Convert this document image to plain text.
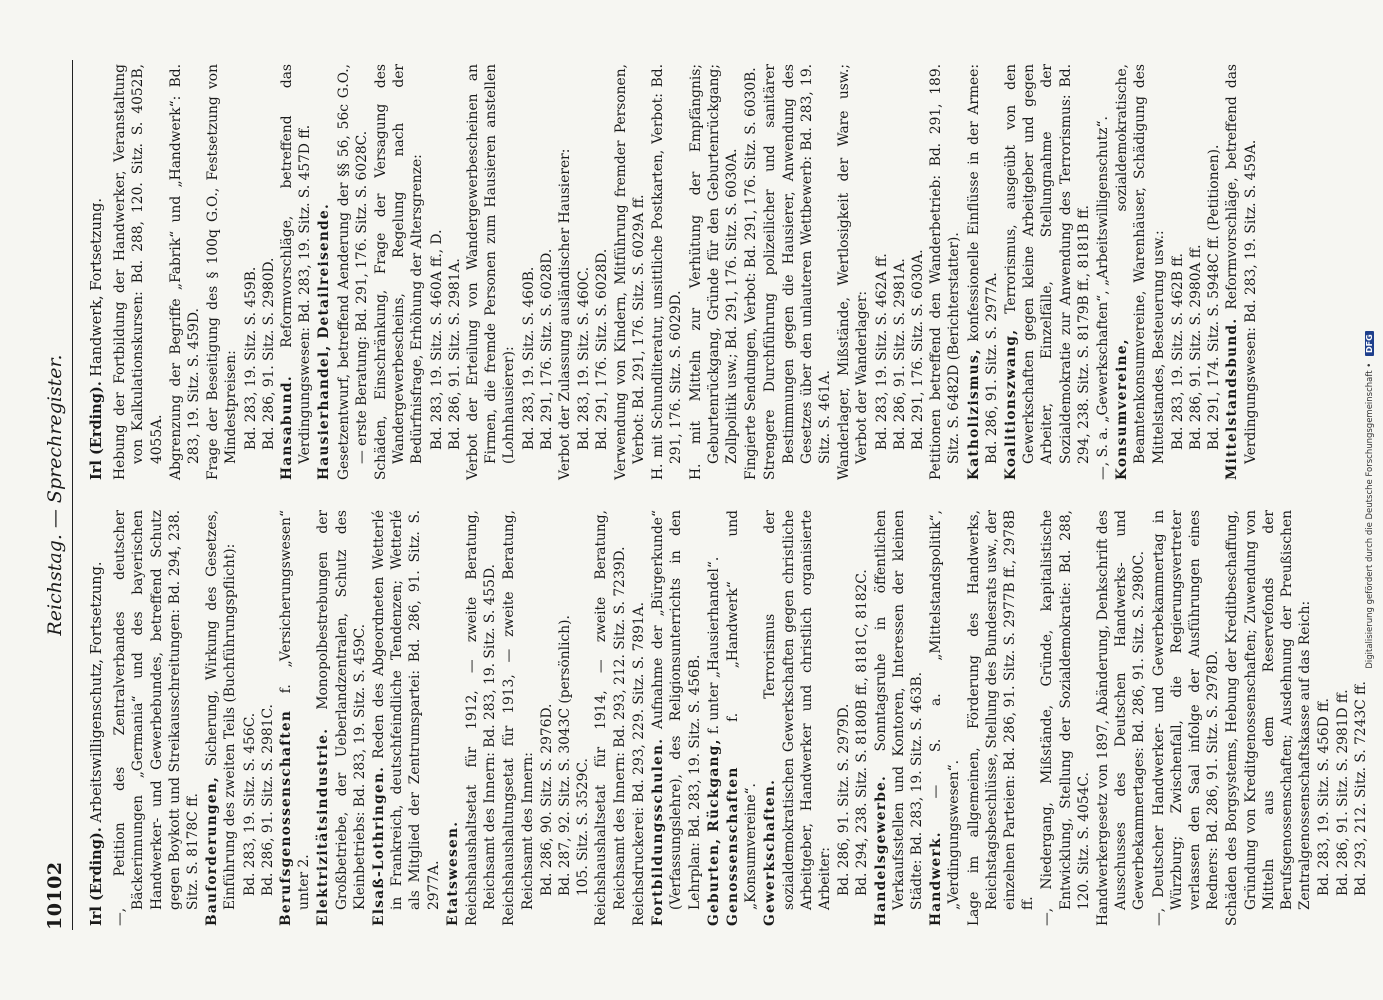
10102
Reichstag. — Sprechregister.
Irl (Erding). Arbeitswilligenschutz, Fortsetzung. —, Petition des Zentralverbandes deutscher Bäckerinnungen „Germania“ und des bayerischen Handwerker- und Gewerbebundes, betreffend Schutz gegen Boykott und Streikausschreitungen: Bd. 294, 238. Sitz. S. 8178C ff. Bauforderungen, Sicherung, Wirkung des Gesetzes, Einführung des zweiten Teils (Buchführungspflicht): Bd. 283, 19. Sitz. S. 456C. Bd. 286, 91. Sitz. S. 2981C. Berufsgenossenschaften f. „Versicherungswesen“ unter 2. Elektrizitätsindustrie. Monopolbestrebungen der Großbetriebe, der Ueberlandzentralen, Schutz des Kleinbetriebs: Bd. 283, 19. Sitz. S. 459C. Elsaß-Lothringen. Reden des Abgeordneten Wetterlé in Frankreich, deutschfeindliche Tendenzen; Wetterlé als Mitglied der Zentrumspartei: Bd. 286, 91. Sitz. S. 2977A. Etatswesen. Reichshaushaltsetat für 1912, — zweite Beratung, Reichsamt des Innern: Bd. 283, 19. Sitz. S. 455D. Reichshaushaltungsetat für 1913, — zweite Beratung, Reichsamt des Innern: Bd. 286, 90. Sitz. S. 2976D. Bd. 287, 92. Sitz. S. 3043C (persönlich). 105. Sitz. S. 3529C. Reichshaushaltsetat für 1914, — zweite Beratung, Reichsamt des Innern: Bd. 293, 212. Sitz. S. 7239D. Reichsdruckerei: Bd. 293, 229. Sitz. S. 7891A. Fortbildungsschulen. Aufnahme der „Bürgerkunde“ (Verfassungslehre), des Religionsunterrichts in den Lehrplan: Bd. 283, 19. Sitz. S. 456B. Geburten, Rückgang, f. unter „Hausierhandel“.
Genossenschaften f. „Handwerk“ und „Konsumvereine“. Gewerkschaften. Terrorismus der sozialdemokratischen Gewerkschaften gegen christliche Arbeitgeber, Handwerker und christlich organisierte Arbeiter: Bd. 286, 91. Sitz. S. 2979D. Bd. 294, 238. Sitz. S. 8180B ff., 8181C, 8182C. Handelsgewerbe. Sonntagsruhe in öffentlichen Verkaufsstellen und Kontoren, Interessen der kleinen Städte: Bd. 283, 19. Sitz. S. 463B. Handwerk. — S. a. „Mittelstandspolitik“, „Verdingungswesen“. Lage im allgemeinen, Förderung des Handwerks, Reichstagsbeschlüsse, Stellung des Bundesrats usw., der einzelnen Parteien: Bd. 286, 91. Sitz. S. 2977B ff., 2978B ff. —, Niedergang, Mißstände, Gründe, kapitalistische Entwicklung, Stellung der Sozialdemokratie: Bd. 288, 120. Sitz. S. 4054C. Handwerkergesetz von 1897, Abänderung, Denkschrift des Ausschusses des Deutschen Handwerks- und Gewerbekammertages: Bd. 286, 91. Sitz. S. 2980C. —, Deutscher Handwerker- und Gewerbekammertag in Würzburg; Zwischenfall, die Regierungsvertreter verlassen den Saal infolge der Ausführungen eines Redners: Bd. 286, 91. Sitz. S. 2978D. Schäden des Borgsystems, Hebung der Kreditbeschaffung, Gründung von Kreditgenossenschaften; Zuwendung von Mitteln aus dem Reservefonds der Berufsgenossenschaften; Ausdehnung der Preußischen Zentralgenossenschaftskasse auf das Reich: Bd. 283, 19. Sitz. S. 456D ff. Bd. 286, 91. Sitz. S. 2981D ff. Bd. 293, 212. Sitz. S. 7243C ff.
Irl (Erding). Handwerk, Fortsetzung. Hebung der Fortbildung der Handwerker, Veranstaltung von Kalkulationskursen: Bd. 288, 120. Sitz. S. 4052B, 4055A. Abgrenzung der Begriffe „Fabrik“ und „Handwerk“: Bd. 283, 19. Sitz. S. 459D. Frage der Beseitigung des § 100q G.O., Festsetzung von Mindestpreisen: Bd. 283, 19. Sitz. S. 459B. Bd. 286, 91. Sitz. S. 2980D. Hansabund. Reformvorschläge, betreffend das Verdingungswesen: Bd. 283, 19. Sitz. S. 457D ff. Hausierhandel, Detailreisende. Gesetzentwurf, betreffend Aenderung der §§ 56, 56c G.O., — erste Beratung: Bd. 291, 176. Sitz. S. 6028C. Schäden, Einschränkung, Frage der Versagung des Wandergewerbescheins, Regelung nach der Bedürfnisfrage, Erhöhung der Altersgrenze: Bd. 283, 19. Sitz. S. 460A ff., D. Bd. 286, 91. Sitz. S. 2981A. Verbot der Erteilung von Wandergewerbescheinen an Firmen, die fremde Personen zum Hausieren anstellen (Lohnhausierer): Bd. 283, 19. Sitz. S. 460B. Bd. 291, 176. Sitz. S. 6028D. Verbot der Zulassung ausländischer Hausierer: Bd. 283, 19. Sitz. S. 460C. Bd. 291, 176. Sitz. S. 6028D. Verwendung von Kindern, Mitführung fremder Personen, Verbot: Bd. 291, 176. Sitz. S. 6029A ff. H. mit Schundliteratur, unsittliche Postkarten, Verbot: Bd. 291, 176. Sitz. S. 6029D. H. mit Mitteln zur Verhütung der Empfängnis; Geburtenrückgang, Gründe für den Geburtenrückgang; Zollpolitik usw.; Bd. 291, 176. Sitz. S. 6030A. Fingierte Sendungen, Verbot: Bd. 291, 176. Sitz. S. 6030B. Strengere Durchführung polizeilicher und sanitärer Bestimmungen gegen die Hausierer, Anwendung des Gesetzes über den unlauteren Wettbewerb: Bd. 283, 19. Sitz. S. 461A. Wanderlager, Mißstände, Wertlosigkeit der Ware usw.; Verbot der Wanderlager: Bd. 283, 19. Sitz. S. 462A ff. Bd. 286, 91. Sitz. S. 2981A. Bd. 291, 176. Sitz. S. 6030A. Petitionen betreffend den Wanderbetrieb: Bd. 291, 189. Sitz. S. 6482D (Berichterstatter). Katholizismus, konfessionelle Einflüsse in der Armee: Bd. 286, 91. Sitz. S. 2977A. Koalitionszwang, Terrorismus, ausgeübt von den Gewerkschaften gegen kleine Arbeitgeber und gegen Arbeiter, Einzelfälle, Stellungnahme der Sozialdemokratie zur Anwendung des Terrorismus: Bd. 294, 238. Sitz. S. 8179B ff., 8181B ff. —, S. a. „Gewerkschaften“, „Arbeitswilligenschutz“. Konsumvereine, sozialdemokratische, Beamtenkonsumvereine, Warenhäuser, Schädigung des Mittelstandes, Besteuerung usw.: Bd. 283, 19. Sitz. S. 462B ff. Bd. 286, 91. Sitz. S. 2980A ff. Bd. 291, 174. Sitz. S. 5948C ff. (Petitionen). Mittelstandsbund. Reformvorschläge, betreffend das Verdingungswesen: Bd. 283, 19. Sitz. S. 459A.
Digitalisierung gefördert durch die Deutsche Forschungsgemeinschaft • DFG
